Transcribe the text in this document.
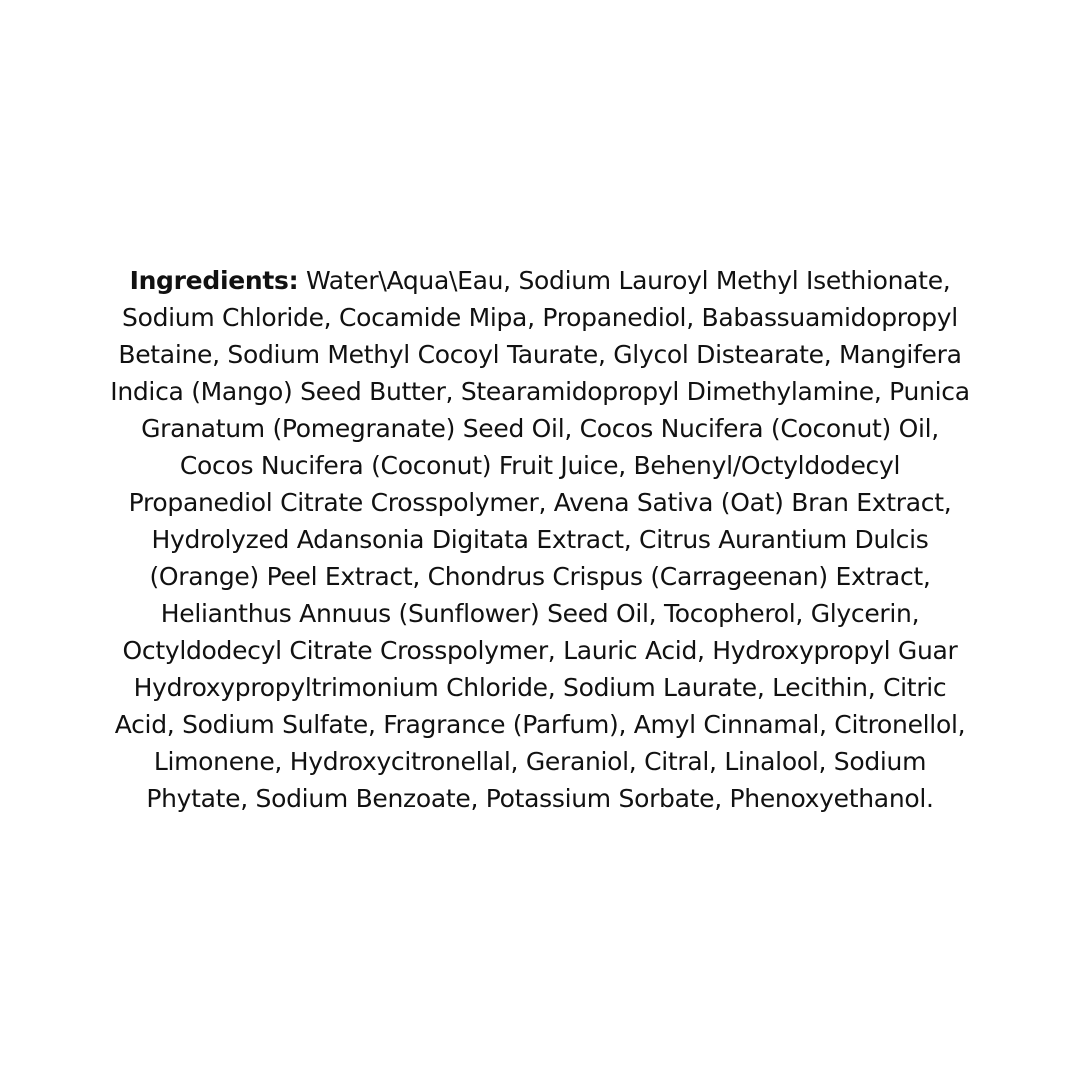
Ingredients: Water\Aqua\Eau, Sodium Lauroyl Methyl Isethionate, Sodium Chloride, Cocamide Mipa, Propanediol, Babassuamidopropyl Betaine, Sodium Methyl Cocoyl Taurate, Glycol Distearate, Mangifera Indica (Mango) Seed Butter, Stearamidopropyl Dimethylamine, Punica Granatum (Pomegranate) Seed Oil, Cocos Nucifera (Coconut) Oil, Cocos Nucifera (Coconut) Fruit Juice, Behenyl/Octyldodecyl Propanediol Citrate Crosspolymer, Avena Sativa (Oat) Bran Extract, Hydrolyzed Adansonia Digitata Extract, Citrus Aurantium Dulcis (Orange) Peel Extract, Chondrus Crispus (Carrageenan) Extract, Helianthus Annuus (Sunflower) Seed Oil, Tocopherol, Glycerin, Octyldodecyl Citrate Crosspolymer, Lauric Acid, Hydroxypropyl Guar Hydroxypropyltrimonium Chloride, Sodium Laurate, Lecithin, Citric Acid, Sodium Sulfate, Fragrance (Parfum), Amyl Cinnamal, Citronellol, Limonene, Hydroxycitronellal, Geraniol, Citral, Linalool, Sodium Phytate, Sodium Benzoate, Potassium Sorbate, Phenoxyethanol.
